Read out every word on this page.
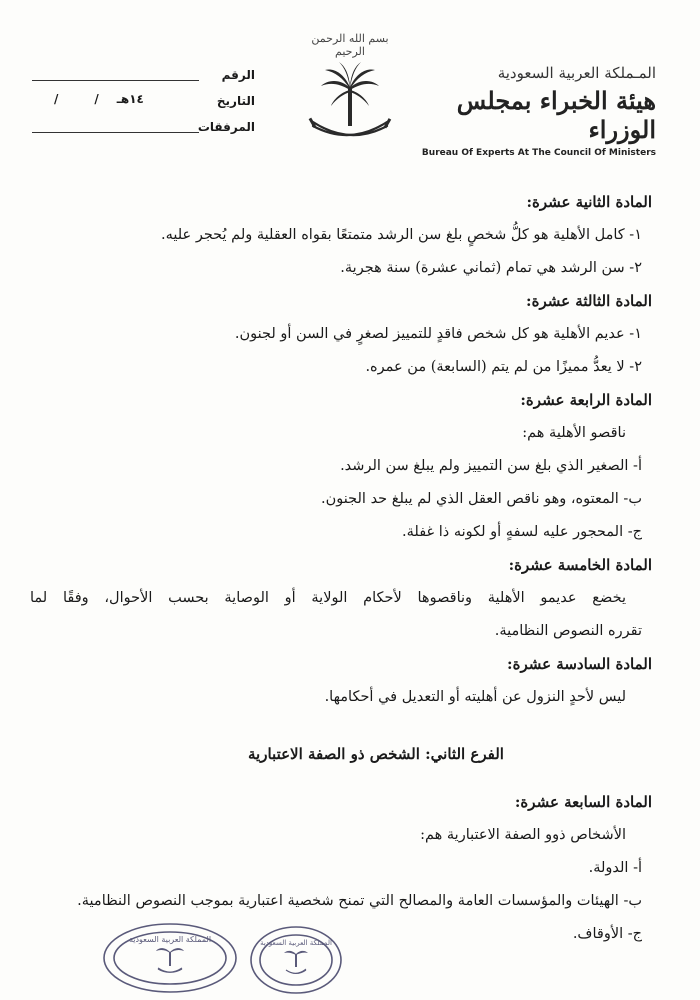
الرقم
التاريخ
١٤هـ//
المرفقات
بسم الله الرحمن الرحيم
المـملكة العربية السعودية
هيئة الخبراء بمجلس الوزراء
Bureau Of Experts At The Council Of Ministers
المادة الثانية عشرة:
١- كامل الأهلية هو كلُّ شخصٍ بلغ سن الرشد متمتعًا بقواه العقلية ولم يُحجر عليه.
٢- سن الرشد هي تمام (ثماني عشرة) سنة هجرية.
المادة الثالثة عشرة:
١- عديم الأهلية هو كل شخص فاقدٍ للتمييز لصغرٍ في السن أو لجنون.
٢- لا يعدُّ مميزًا من لم يتم (السابعة) من عمره.
المادة الرابعة عشرة:
ناقصو الأهلية هم:
أ- الصغير الذي بلغ سن التمييز ولم يبلغ سن الرشد.
ب- المعتوه، وهو ناقص العقل الذي لم يبلغ حد الجنون.
ج- المحجور عليه لسفهٍ أو لكونه ذا غفلة.
المادة الخامسة عشرة:
يخضع عديمو الأهلية وناقصوها لأحكام الولاية أو الوصاية بحسب الأحوال، وفقًا لما
تقرره النصوص النظامية.
المادة السادسة عشرة:
ليس لأحدٍ النزول عن أهليته أو التعديل في أحكامها.
الفرع الثاني: الشخص ذو الصفة الاعتبارية
المادة السابعة عشرة:
الأشخاص ذوو الصفة الاعتبارية هم:
أ- الدولة.
ب- الهيئات والمؤسسات العامة والمصالح التي تمنح شخصية اعتبارية بموجب النصوص النظامية.
ج- الأوقاف.
المملكة العربية السعودية	المملكة العربية السعودية
